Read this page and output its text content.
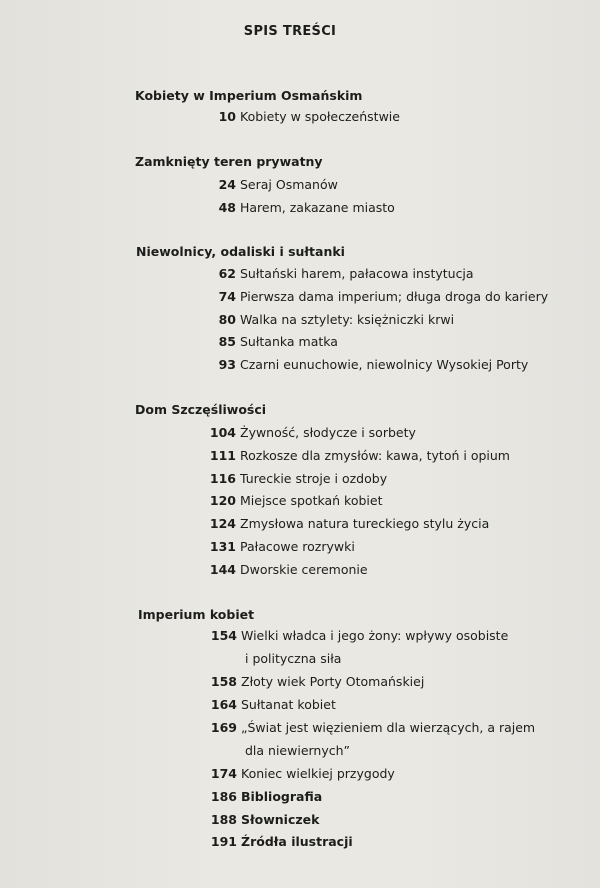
SPIS TREŚCI
Kobiety w Imperium Osmańskim
10 Kobiety w społeczeństwie
Zamknięty teren prywatny
24 Seraj Osmanów
48 Harem, zakazane miasto
Niewolnicy, odaliski i sułtanki
62 Sułtański harem, pałacowa instytucja
74 Pierwsza dama imperium; długa droga do kariery
80 Walka na sztylety: księżniczki krwi
85 Sułtanka matka
93 Czarni eunuchowie, niewolnicy Wysokiej Porty
Dom Szczęśliwości
104 Żywność, słodycze i sorbety
111 Rozkosze dla zmysłów: kawa, tytoń i opium
116 Tureckie stroje i ozdoby
120 Miejsce spotkań kobiet
124 Zmysłowa natura tureckiego stylu życia
131 Pałacowe rozrywki
144 Dworskie ceremonie
Imperium kobiet
154 Wielki władca i jego żony: wpływy osobiste
i polityczna siła
158 Złoty wiek Porty Otomańskiej
164 Sułtanat kobiet
169 „Świat jest więzieniem dla wierzących, a rajem
dla niewiernych”
174 Koniec wielkiej przygody
186 Bibliografia
188 Słowniczek
191 Źródła ilustracji
